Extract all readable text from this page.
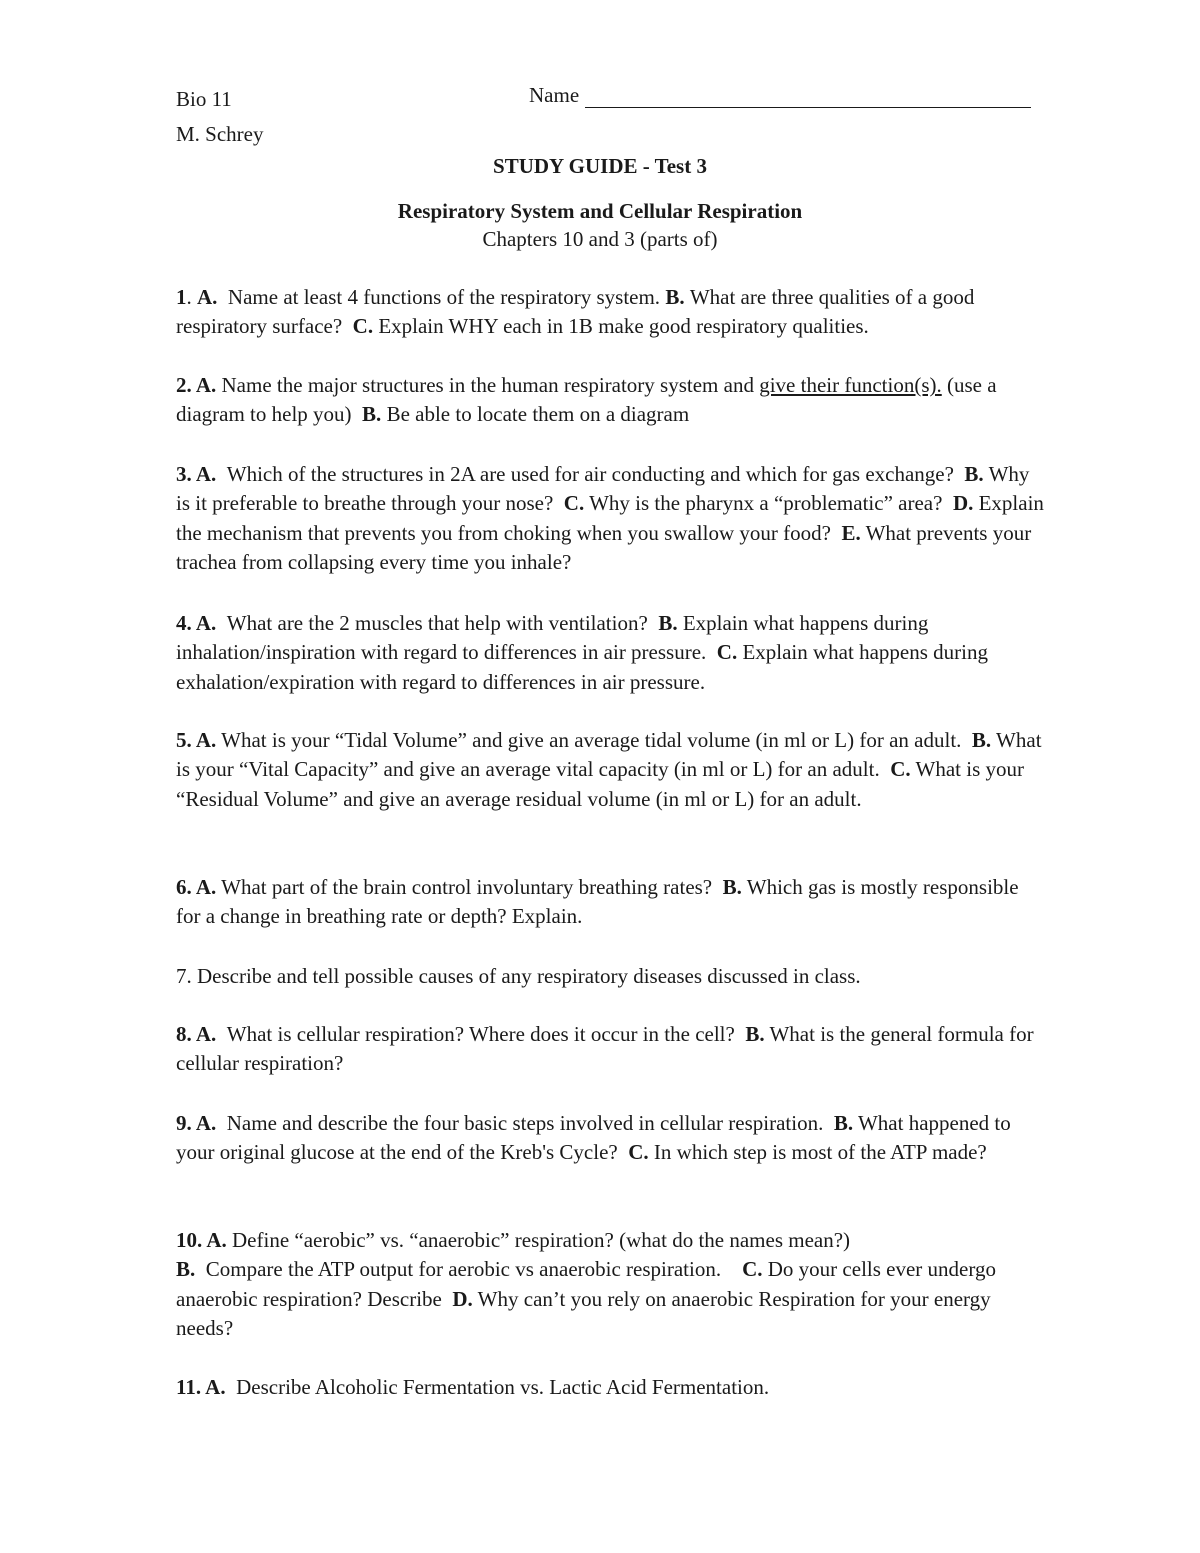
Bio 11
M. Schrey
Name
STUDY GUIDE - Test 3
Respiratory System and Cellular Respiration
Chapters 10 and 3 (parts of)
1. A. Name at least 4 functions of the respiratory system. B. What are three qualities of a good respiratory surface? C. Explain WHY each in 1B make good respiratory qualities.
2. A. Name the major structures in the human respiratory system and give their function(s). (use a diagram to help you) B. Be able to locate them on a diagram
3. A. Which of the structures in 2A are used for air conducting and which for gas exchange? B. Why is it preferable to breathe through your nose? C. Why is the pharynx a “problematic” area? D. Explain the mechanism that prevents you from choking when you swallow your food? E. What prevents your trachea from collapsing every time you inhale?
4. A. What are the 2 muscles that help with ventilation? B. Explain what happens during inhalation/inspiration with regard to differences in air pressure. C. Explain what happens during exhalation/expiration with regard to differences in air pressure.
5. A. What is your “Tidal Volume” and give an average tidal volume (in ml or L) for an adult. B. What is your “Vital Capacity” and give an average vital capacity (in ml or L) for an adult. C. What is your “Residual Volume” and give an average residual volume (in ml or L) for an adult.
6. A. What part of the brain control involuntary breathing rates? B. Which gas is mostly responsible for a change in breathing rate or depth? Explain.
7. Describe and tell possible causes of any respiratory diseases discussed in class.
8. A. What is cellular respiration? Where does it occur in the cell? B. What is the general formula for cellular respiration?
9. A. Name and describe the four basic steps involved in cellular respiration. B. What happened to your original glucose at the end of the Kreb's Cycle? C. In which step is most of the ATP made?
10. A. Define “aerobic” vs. “anaerobic” respiration? (what do the names mean?)
B. Compare the ATP output for aerobic vs anaerobic respiration. C. Do your cells ever undergo anaerobic respiration? Describe D. Why can’t you rely on anaerobic Respiration for your energy needs?
11. A. Describe Alcoholic Fermentation vs. Lactic Acid Fermentation.
